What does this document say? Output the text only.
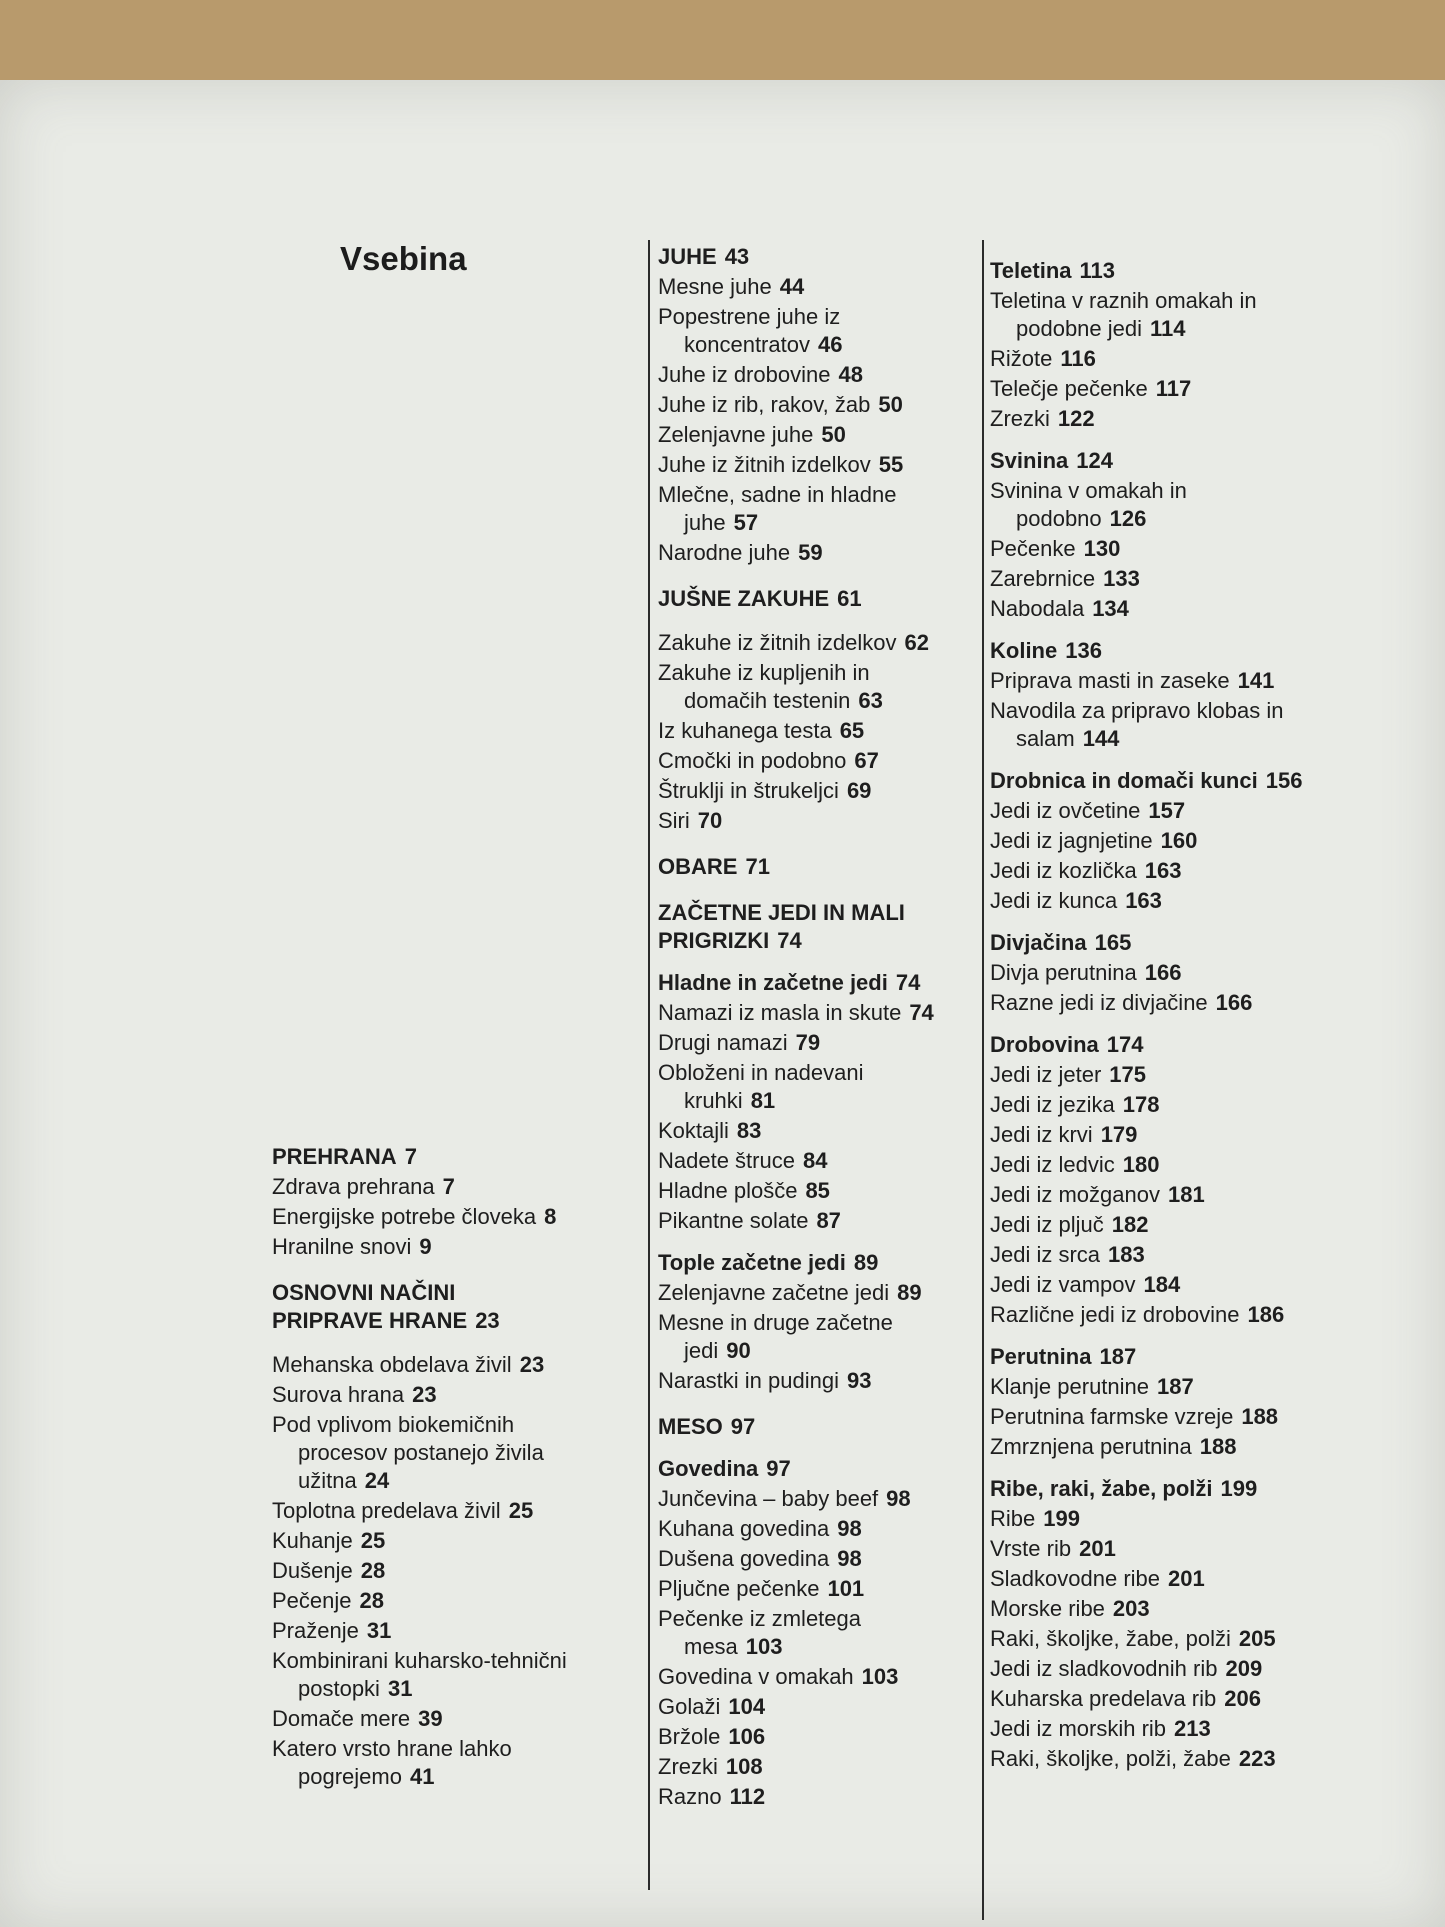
Vsebina
PREHRANA 7
Zdrava prehrana 7
Energijske potrebe človeka 8
Hranilne snovi 9
OSNOVNI NAČINI PRIPRAVE HRANE 23
Mehanska obdelava živil 23
Surova hrana 23
Pod vplivom biokemičnih procesov postanejo živila užitna 24
Toplotna predelava živil 25
Kuhanje 25
Dušenje 28
Pečenje 28
Praženje 31
Kombinirani kuharsko-tehnični postopki 31
Domače mere 39
Katero vrsto hrane lahko pogrejemo 41
JUHE 43
Mesne juhe 44
Popestrene juhe iz koncentratov 46
Juhe iz drobovine 48
Juhe iz rib, rakov, žab 50
Zelenjavne juhe 50
Juhe iz žitnih izdelkov 55
Mlečne, sadne in hladne juhe 57
Narodne juhe 59
JUŠNE ZAKUHE 61
Zakuhe iz žitnih izdelkov 62
Zakuhe iz kupljenih in domačih testenin 63
Iz kuhanega testa 65
Cmočki in podobno 67
Štruklji in štrukeljci 69
Siri 70
OBARE 71
ZAČETNE JEDI IN MALI PRIGRIZKI 74
Hladne in začetne jedi 74
Namazi iz masla in skute 74
Drugi namazi 79
Obloženi in nadevani kruhki 81
Koktajli 83
Nadete štruce 84
Hladne plošče 85
Pikantne solate 87
Tople začetne jedi 89
Zelenjavne začetne jedi 89
Mesne in druge začetne jedi 90
Narastki in pudingi 93
MESO 97
Govedina 97
Junčevina – baby beef 98
Kuhana govedina 98
Dušena govedina 98
Pljučne pečenke 101
Pečenke iz zmletega mesa 103
Govedina v omakah 103
Golaži 104
Bržole 106
Zrezki 108
Razno 112
Teletina 113
Teletina v raznih omakah in podobne jedi 114
Rižote 116
Telečje pečenke 117
Zrezki 122
Svinina 124
Svinina v omakah in podobno 126
Pečenke 130
Zarebrnice 133
Nabodala 134
Koline 136
Priprava masti in zaseke 141
Navodila za pripravo klobas in salam 144
Drobnica in domači kunci 156
Jedi iz ovčetine 157
Jedi iz jagnjetine 160
Jedi iz kozlička 163
Jedi iz kunca 163
Divjačina 165
Divja perutnina 166
Razne jedi iz divjačine 166
Drobovina 174
Jedi iz jeter 175
Jedi iz jezika 178
Jedi iz krvi 179
Jedi iz ledvic 180
Jedi iz možganov 181
Jedi iz pljuč 182
Jedi iz srca 183
Jedi iz vampov 184
Različne jedi iz drobovine 186
Perutnina 187
Klanje perutnine 187
Perutnina farmske vzreje 188
Zmrznjena perutnina 188
Ribe, raki, žabe, polži 199
Ribe 199
Vrste rib 201
Sladkovodne ribe 201
Morske ribe 203
Raki, školjke, žabe, polži 205
Jedi iz sladkovodnih rib 209
Kuharska predelava rib 206
Jedi iz morskih rib 213
Raki, školjke, polži, žabe 223
